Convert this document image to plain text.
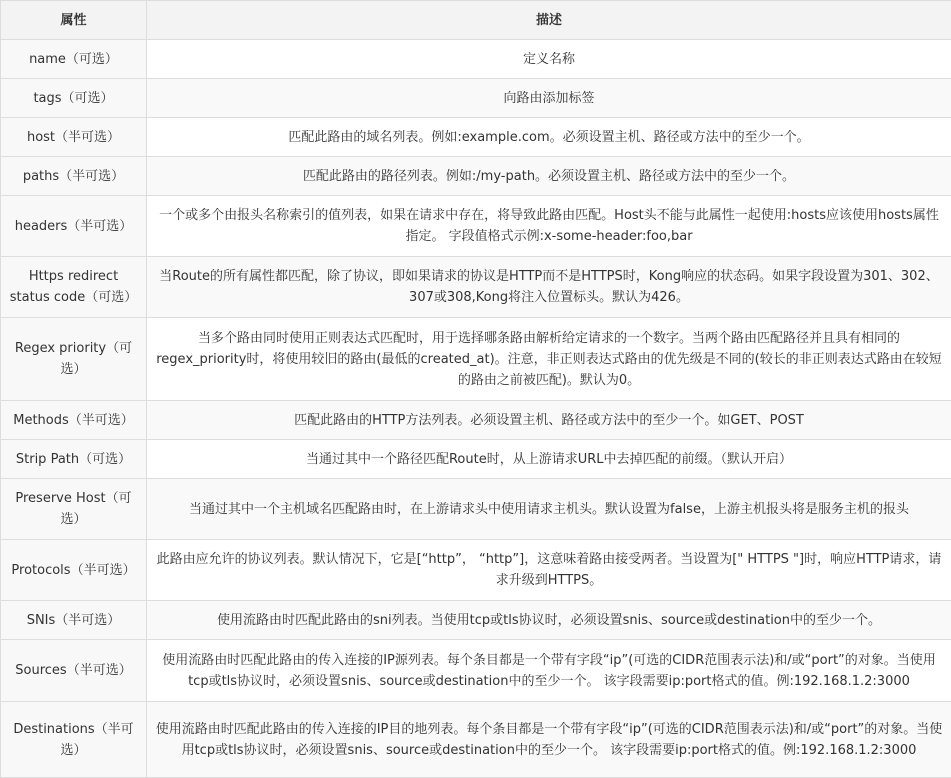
属性	描述
name（可选）	定义名称
tags（可选）	向路由添加标签
host（半可选）	匹配此路由的域名列表。例如:example.com。必须设置主机、路径或方法中的至少一个。
paths（半可选）	匹配此路由的路径列表。例如:/my-path。必须设置主机、路径或方法中的至少一个。
headers（半可选）	一个或多个由报头名称索引的值列表，如果在请求中存在，将导致此路由匹配。Host头不能与此属性一起使用:hosts应该使用hosts属性指定。 字段值格式示例:x-some-header:foo,bar
Https redirect status code（可选）	当Route的所有属性都匹配，除了协议，即如果请求的协议是HTTP而不是HTTPS时，Kong响应的状态码。如果字段设置为301、302、307或308,Kong将注入位置标头。默认为426。
Regex priority（可选）	当多个路由同时使用正则表达式匹配时，用于选择哪条路由解析给定请求的一个数字。当两个路由匹配路径并且具有相同的regex_priority时，将使用较旧的路由(最低的created_at)。注意，非正则表达式路由的优先级是不同的(较长的非正则表达式路由在较短的路由之前被匹配)。默认为0。
Methods（半可选）	匹配此路由的HTTP方法列表。必须设置主机、路径或方法中的至少一个。如GET、POST
Strip Path（可选）	当通过其中一个路径匹配Route时，从上游请求URL中去掉匹配的前缀。（默认开启）
Preserve Host（可选）	当通过其中一个主机域名匹配路由时，在上游请求头中使用请求主机头。默认设置为false，上游主机报头将是服务主机的报头
Protocols（半可选）	此路由应允许的协议列表。默认情况下，它是[“http”， “http”]，这意味着路由接受两者。当设置为[" HTTPS "]时，响应HTTP请求，请求升级到HTTPS。
SNIs（半可选）	使用流路由时匹配此路由的sni列表。当使用tcp或tls协议时，必须设置snis、source或destination中的至少一个。
Sources（半可选）	使用流路由时匹配此路由的传入连接的IP源列表。每个条目都是一个带有字段“ip”(可选的CIDR范围表示法)和/或“port”的对象。当使用tcp或tls协议时，必须设置snis、source或destination中的至少一个。 该字段需要ip:port格式的值。例:192.168.1.2:3000
Destinations（半可选）	使用流路由时匹配此路由的传入连接的IP目的地列表。每个条目都是一个带有字段“ip”(可选的CIDR范围表示法)和/或“port”的对象。当使用tcp或tls协议时，必须设置snis、source或destination中的至少一个。 该字段需要ip:port格式的值。例:192.168.1.2:3000
